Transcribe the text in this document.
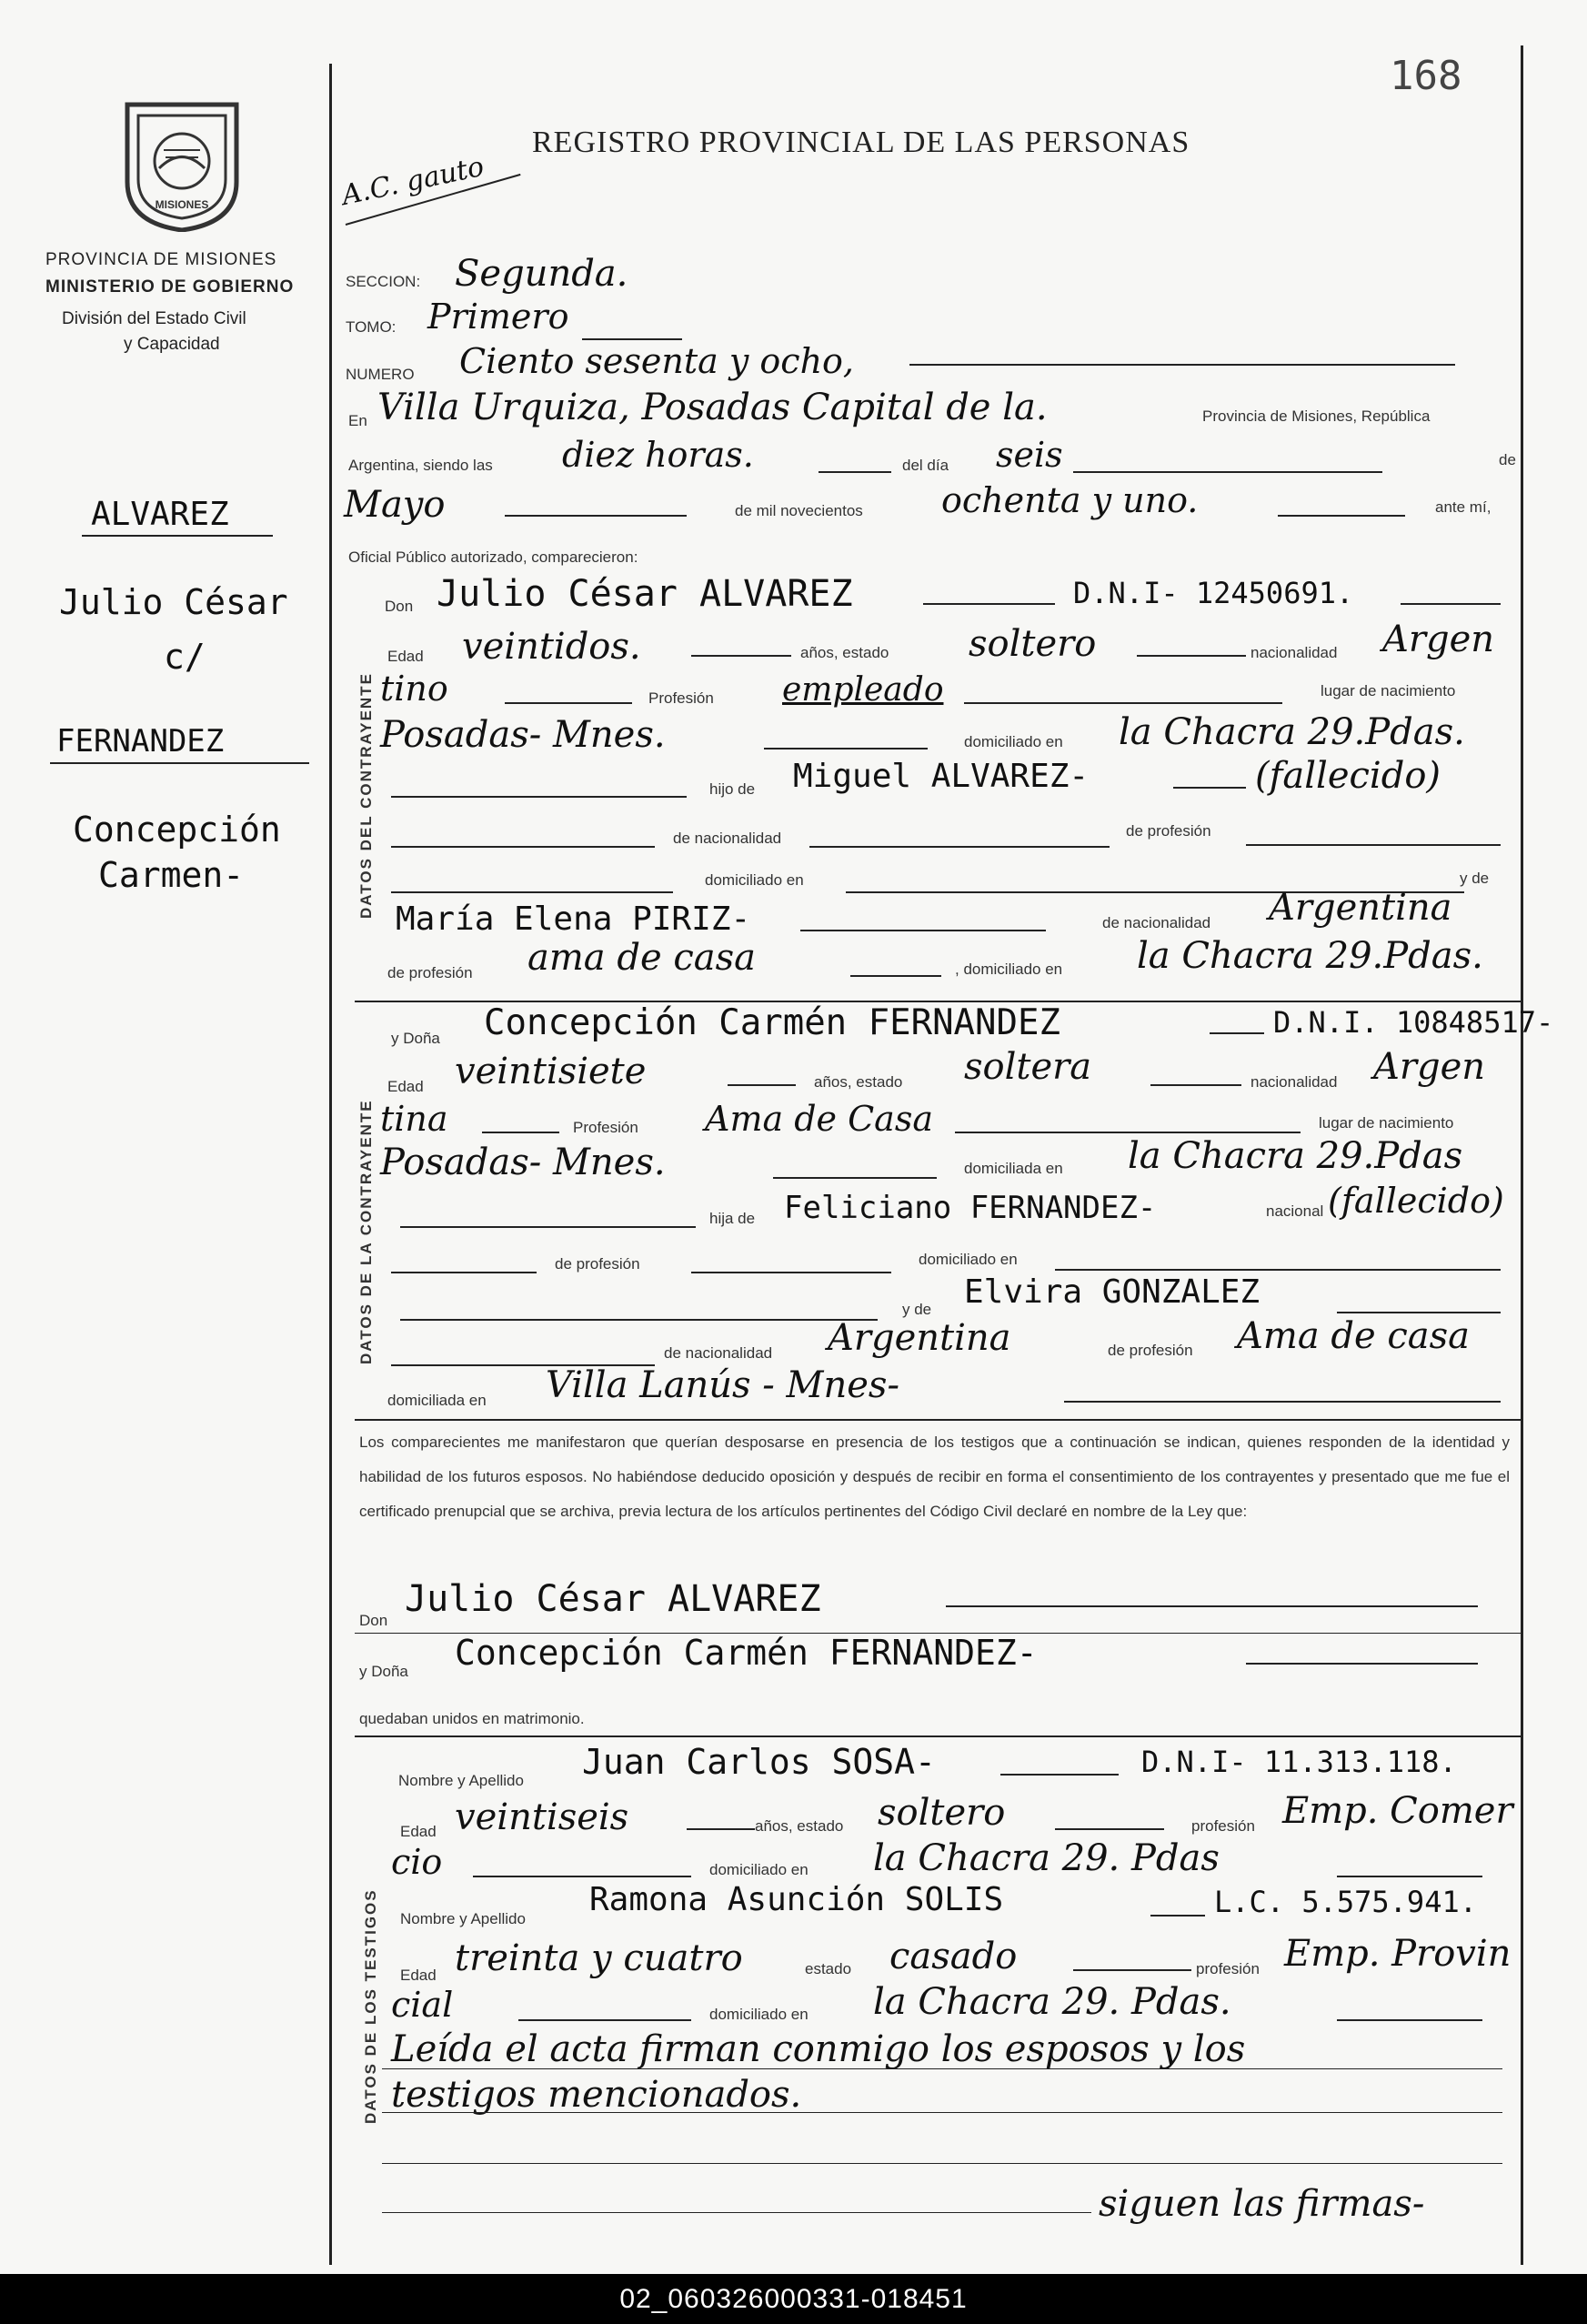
168
MISIONES
PROVINCIA DE MISIONES
MINISTERIO DE GOBIERNO
División del Estado Civil
y Capacidad
REGISTRO PROVINCIAL DE LAS PERSONAS
A.C. gauto
ALVAREZ
Julio César
c/
FERNANDEZ
Concepción
Carmen-
SECCION: Segunda.
TOMO: Primero
NUMERO Ciento sesenta y ocho,
En Villa Urquiza, Posadas Capital de la.	Provincia de Misiones, República
Argentina, siendo las diez horas.	del día seis	de
Mayo	de mil novecientos ochenta y uno.	ante mí,
Oficial Público autorizado, comparecieron:
DATOS DEL CONTRAYENTE
Don Julio César ALVAREZ	D.N.I- 12450691.
Edad veintidos.	años, estado soltero	nacionalidad Argen
tino	Profesión empleado	lugar de nacimiento
Posadas- Mnes.	domiciliado en la Chacra 29.Pdas.
hijo de Miguel ALVAREZ-	(fallecido)
de nacionalidad	de profesión
domiciliado en	y de
María Elena PIRIZ-	de nacionalidad Argentina
de profesión ama de casa	, domiciliado en la Chacra 29.Pdas.
DATOS DE LA CONTRAYENTE
y Doña Concepción Carmén FERNANDEZ	D.N.I. 10848517-
Edad veintisiete	años, estado soltera	nacionalidad Argen
tina	Profesión Ama de Casa	lugar de nacimiento
Posadas- Mnes.	domiciliada en la Chacra 29.Pdas
hija de Feliciano FERNANDEZ-	nacional (fallecido)
de profesión	domiciliado en
y de Elvira GONZALEZ
de nacionalidad Argentina	de profesión Ama de casa
domiciliada en Villa Lanús - Mnes-
Los comparecientes me manifestaron que querían desposarse en presencia de los testigos que a continuación se indican, quienes responden de la identidad y habilidad de los futuros esposos. No habiéndose deducido oposición y después de recibir en forma el consentimiento de los contrayentes y presentado que me fue el certificado prenupcial que se archiva, previa lectura de los artículos pertinentes del Código Civil declaré en nombre de la Ley que:
Don
Julio César ALVAREZ
y Doña Concepción Carmén FERNANDEZ-
quedaban unidos en matrimonio.
DATOS DE LOS TESTIGOS
Nombre y Apellido Juan Carlos SOSA-	D.N.I- 11.313.118.
Edad veintiseis	años, estado soltero	profesión Emp. Comer
cio	domiciliado en la Chacra 29. Pdas
Nombre y Apellido
Ramona Asunción SOLIS	L.C. 5.575.941.
Edad treinta y cuatro	estado casado	profesión Emp. Provin
cial	domiciliado en la Chacra 29. Pdas.
Leída el acta firman conmigo los esposos y los
testigos mencionados.
siguen las firmas-
02_060326000331-018451
